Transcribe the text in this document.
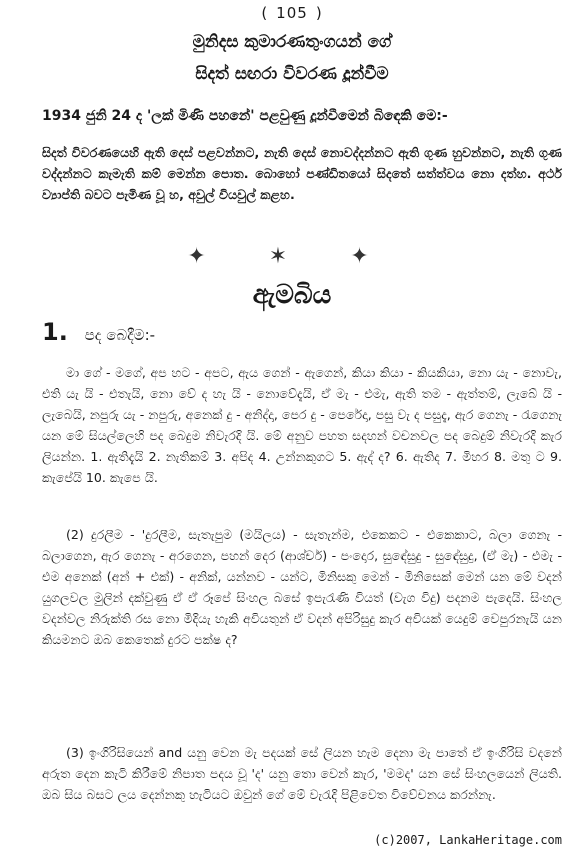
( 105 )
මුනිදස කුමාරණතුංගයන් ගේ
සිදත් සඟරා විවරණ දූන්වීම
1934 ජුනි 24 ද 'ලක් මිණි පහනේ' පළවුණු දූන්වීමෙන් බිඳෙකි මෙ:-

සිදත් විවරණයෙහි ඇති දෙස් පළවන්නට, නැති දෙස් නොවද්දන්නට ඇති ගුණ හුවන්නට, නැති ගුණ වද්දන්නට කැමැති කම් මෙන්න පොත. බොහෝ පණ්ඩිතයෝ සිදතේ සත්ත්වය නො දත්හ. අර්ථ ව්‍යාප්ති බවට පැමිණ වූ හ, අවුල් වියවුල් කළහ.

✦ ✶ ✦
ඇමබිය
1. පද බෙදීම:-

මා ගේ - මගේ, අප හට - අපට, ඇය ගෙන් - ඇගෙන්, කියා කියා - කියකියා, නො යැ - නොවැ, එති යැ යි - එතැයි, නො වේ ද හැ යි - නොවේදැයි, ඒ මැ - එමැ, ඇති තම - ඇත්තම්, ලැබේ යි - ලැබෙයි, නපුරු යැ - නපුරු, අනෙක් දු - අනිද්දා, පෙර දු - පෙරේදා, පසු වැ ද පසුදැ, ඇර ගෙනැ - රැගෙනැ යන මේ සියල්ලෙහි පද බෙදුම නිවැරදි යි. මේ අනුව පහත සදහන් වචනවල පද බෙදුම් නිවැරදි කැර ලියන්න. 1. ඇතිදැයි 2. නැතිකම් 3. අපිද 4. උන්නකුගට 5. ඇද් ද? 6. ඇතිද 7. මිහර 8. මතු ට 9. කැපේයි 10. කැපෙ යි.

(2) දුරලීම - 'දුරලීම, සැතැපුම (මයිලය) - සැතැන්ම, එකෙකට - එකෙකාට, බලා ගෙනැ - බලාගෙන, ඇර ගෙනැ - අරගෙන, පහන් දෙර (ආශ්චර්) - පංදොර, සුඳේසුදු - සුඳේසුදු, (ඒ මැ) - එමැ - එම අනෙක් (අන් + එක්) - අනික්, යන්නව - යන්ට, මිනිසකු මෙන් - මිනිසෙක් මෙන් යන මේ වදන් යුගලවල මුලින් දක්වුණු ඒ ඒ රූපේ සිංහල බසේ ඉපැරැණි වියත් (වැග විදු) පදනම පැදෙයි. සිංහල වදන්වල නිරුක්ති රස නො මිදියැ හැකි අවියතුන් ඒ වදන් අපිරිසුදු කැර අවියක් යෙදුම් වෙපුරනැයි යන කියමනට ඔබ කෙතෙක් දුරට පක්ෂ ද?

(3) ඉංගිරිසියෙන් and යනු වෙන මැ පදයක් සේ ලියන හැම දෙනා මැ පාතේ ඒ ඉංගිරිසි වදනේ අරුත දෙන කැටි කිරීමේ නිපාත පදය වූ 'ද' යනු තො වෙන් කැර, 'මමද' යන සේ සිංහලයෙන් ලියති. ඔබ සිය බසට ලය දෙන්නකු හැටියට ඔවුන් ගේ මේ වැරැදි පිළිවෙත විවේචනය කරන්නැ.

(c)2007, LankaHeritage.com
